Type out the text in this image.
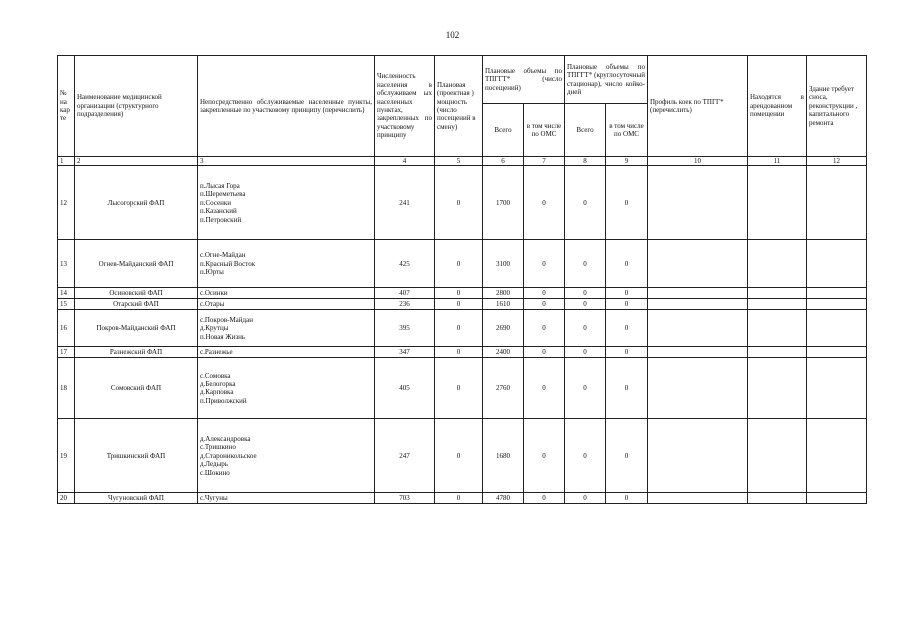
102
№ на кар те	Наименование медицинской организации (структурного подразделения)	Непосредственно обслуживаемые населенные пункты, закрепленные по участковому принципу (перечислить)	Численность населения в обслуживаем ых населенных пунктах, закрепленных по участковому принципу	Плановая (проектная ) мощность (число посещений в смену)	Плановые объемы по ТПГГТ* (число посещений)		Плановые объемы по ТПГГТ* (круглосуточный стационар), число койко-дней		Профиль коек по ТПГГ* (перечислить)	Находятся в арендованном помещении	Здание требует сноса, реконструкции , капитального ремонта
					Всего	в том числе по ОМС	Всего	в том числе по ОМС			
1	2	3	4	5	6	7	8	9	10	11	12
12	Лысогорский ФАП	п.Лысая Гора
п.Шереметьева
п.Сосенки
п.Казанский
п.Петровский	241	0	1700	0	0	0			
13	Огнев-Майданский ФАП	с.Огне-Майдан
п.Красный Восток
п.Юрты	425	0	3100	0	0	0			
14	Осиновский ФАП	с.Осинки	407	0	2800	0	0	0			
15	Отарский ФАП	с.Отары	236	0	1610	0	0	0			
16	Покров-Майданский ФАП	с.Покров-Майдан
д.Крутцы
п.Новая Жизнь	395	0	2690	0	0	0			
17	Разнежский ФАП	с.Разнежье	347	0	2400	0	0	0			
18	Сомовский ФАП	с.Сомовка
д.Белогорка
д.Карповка
п.Приволжский	405	0	2760	0	0	0			
19	Тришкинский ФАП	д.Александровка
с.Тришкино
д.Староникольское
д.Ледырь
с.Шокино	247	0	1680	0	0	0			
20	Чугуновский ФАП	с.Чугуны	703	0	4780	0	0	0			
